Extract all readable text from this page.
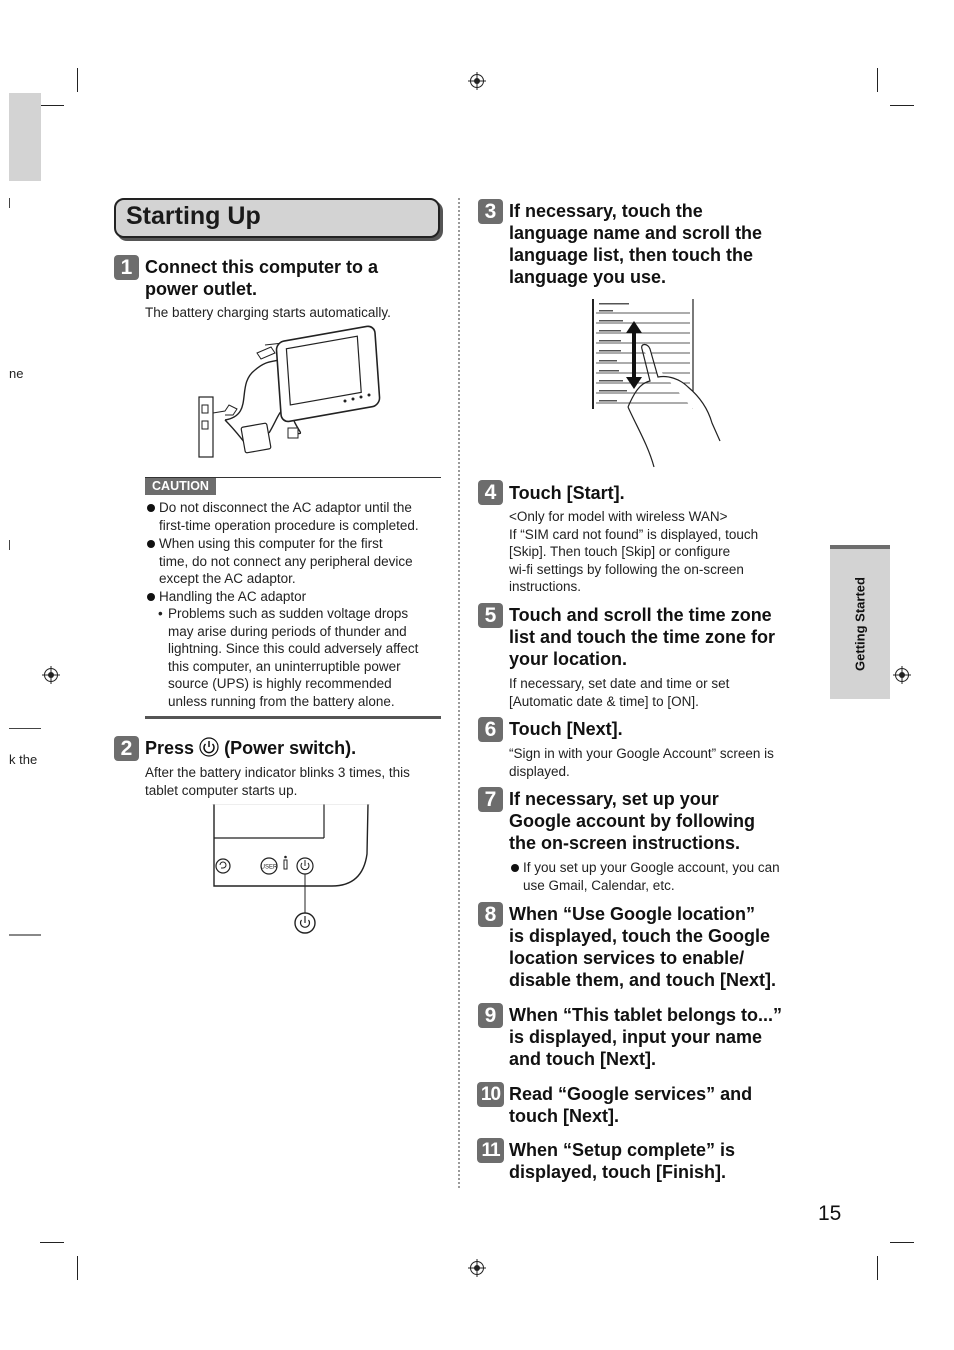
ne
k the
Starting Up
1 Connect this computer to a
power outlet.
The battery charging starts automatically.
CAUTION
Do not disconnect the AC adaptor until the
first-time operation procedure is completed.
When using this computer for the first
time, do not connect any peripheral device
except the AC adaptor.
Handling the AC adaptor
• Problems such as sudden voltage drops
may arise during periods of thunder and
lightning. Since this could adversely affect
this computer, an uninterruptible power
source (UPS) is highly recommended
unless running from the battery alone.
2 Press (Power switch).
After the battery indicator blinks 3 times, this
tablet computer starts up.
USER
3 If necessary, touch the
language name and scroll the
language list, then touch the
language you use.
4 Touch [Start].
<Only for model with wireless WAN>
If “SIM card not found” is displayed, touch
[Skip]. Then touch [Skip] or configure
wi-fi settings by following the on-screen
instructions.
5 Touch and scroll the time zone
list and touch the time zone for
your location.
If necessary, set date and time or set
[Automatic date & time] to [ON].
6 Touch [Next].
“Sign in with your Google Account” screen is
displayed.
7 If necessary, set up your
Google account by following
the on-screen instructions.
If you set up your Google account, you can
use Gmail, Calendar, etc.
8 When “Use Google location”
is displayed, touch the Google
location services to enable/
disable them, and touch [Next].
9 When “This tablet belongs to...”
is displayed, input your name
and touch [Next].
10 Read “Google services” and
touch [Next].
11 When “Setup complete” is
displayed, touch [Finish].
Getting Started
15
